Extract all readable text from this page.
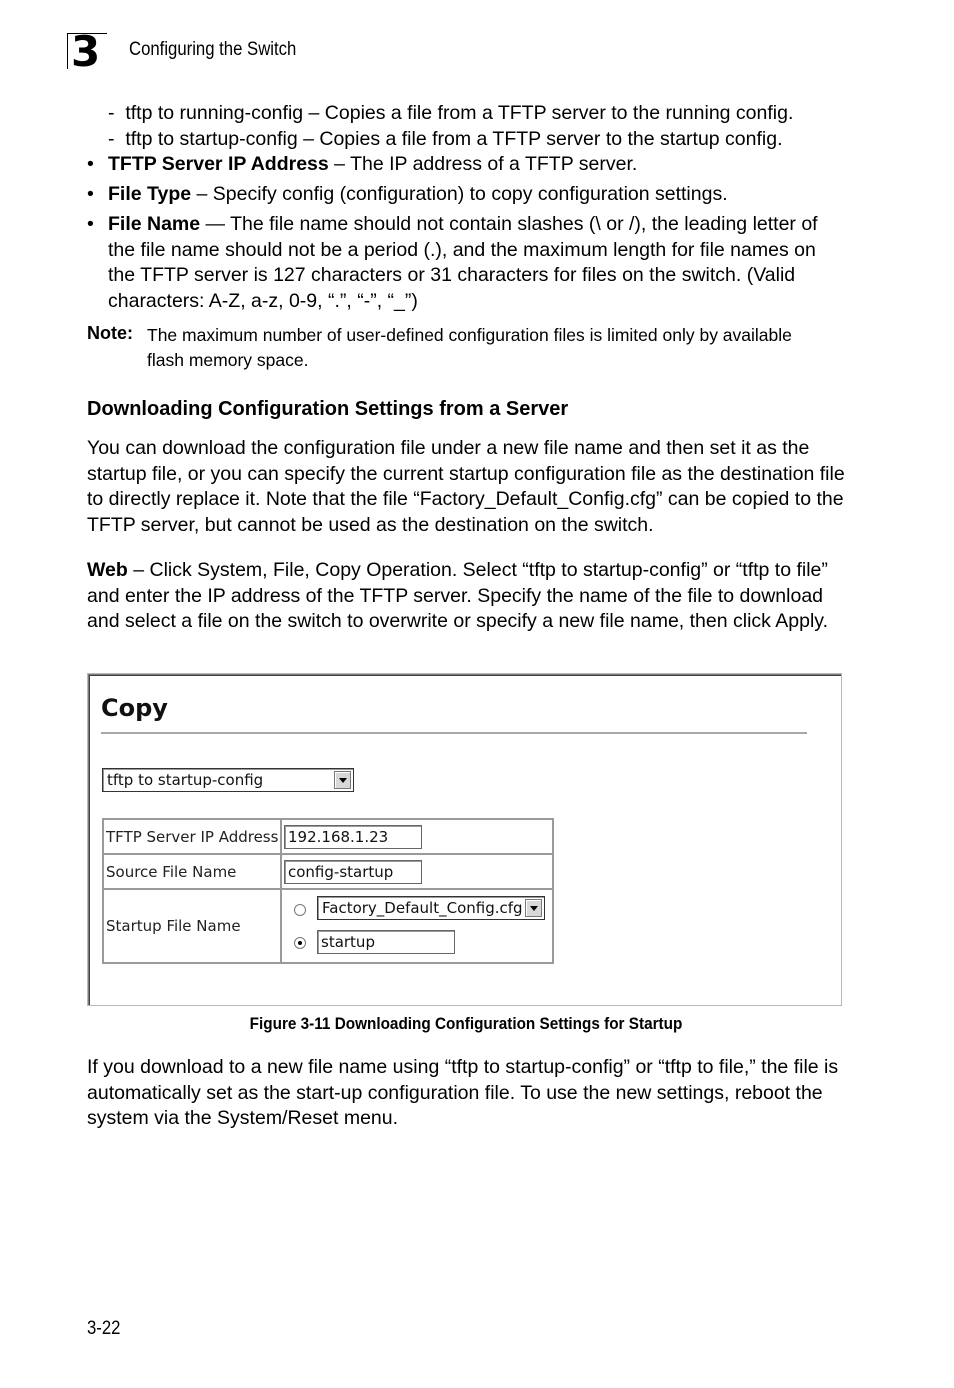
3	Configuring the Switch
-  tftp to running-config – Copies a file from a TFTP server to the running config.
-  tftp to startup-config – Copies a file from a TFTP server to the startup config.
• TFTP Server IP Address – The IP address of a TFTP server.
• File Type – Specify config (configuration) to copy configuration settings.
• File Name — The file name should not contain slashes (\ or /), the leading letter of the file name should not be a period (.), and the maximum length for file names on the TFTP server is 127 characters or 31 characters for files on the switch. (Valid characters: A-Z, a-z, 0-9, “.”, “-”, “_”)
Note: The maximum number of user-defined configuration files is limited only by available flash memory space.
Downloading Configuration Settings from a Server
You can download the configuration file under a new file name and then set it as the startup file, or you can specify the current startup configuration file as the destination file to directly replace it. Note that the file “Factory_Default_Config.cfg” can be copied to the TFTP server, but cannot be used as the destination on the switch.
Web – Click System, File, Copy Operation. Select “tftp to startup-config” or “tftp to file” and enter the IP address of the TFTP server. Specify the name of the file to download and select a file on the switch to overwrite or specify a new file name, then click Apply.
Copy
tftp to startup-config
TFTP Server IP Address	192.168.1.23

Source File Name	config-startup

Startup File Name	Factory_Default_Config.cfg
startup
Figure 3-11 Downloading Configuration Settings for Startup
If you download to a new file name using “tftp to startup-config” or “tftp to file,” the file is automatically set as the start-up configuration file. To use the new settings, reboot the system via the System/Reset menu.
3-22
